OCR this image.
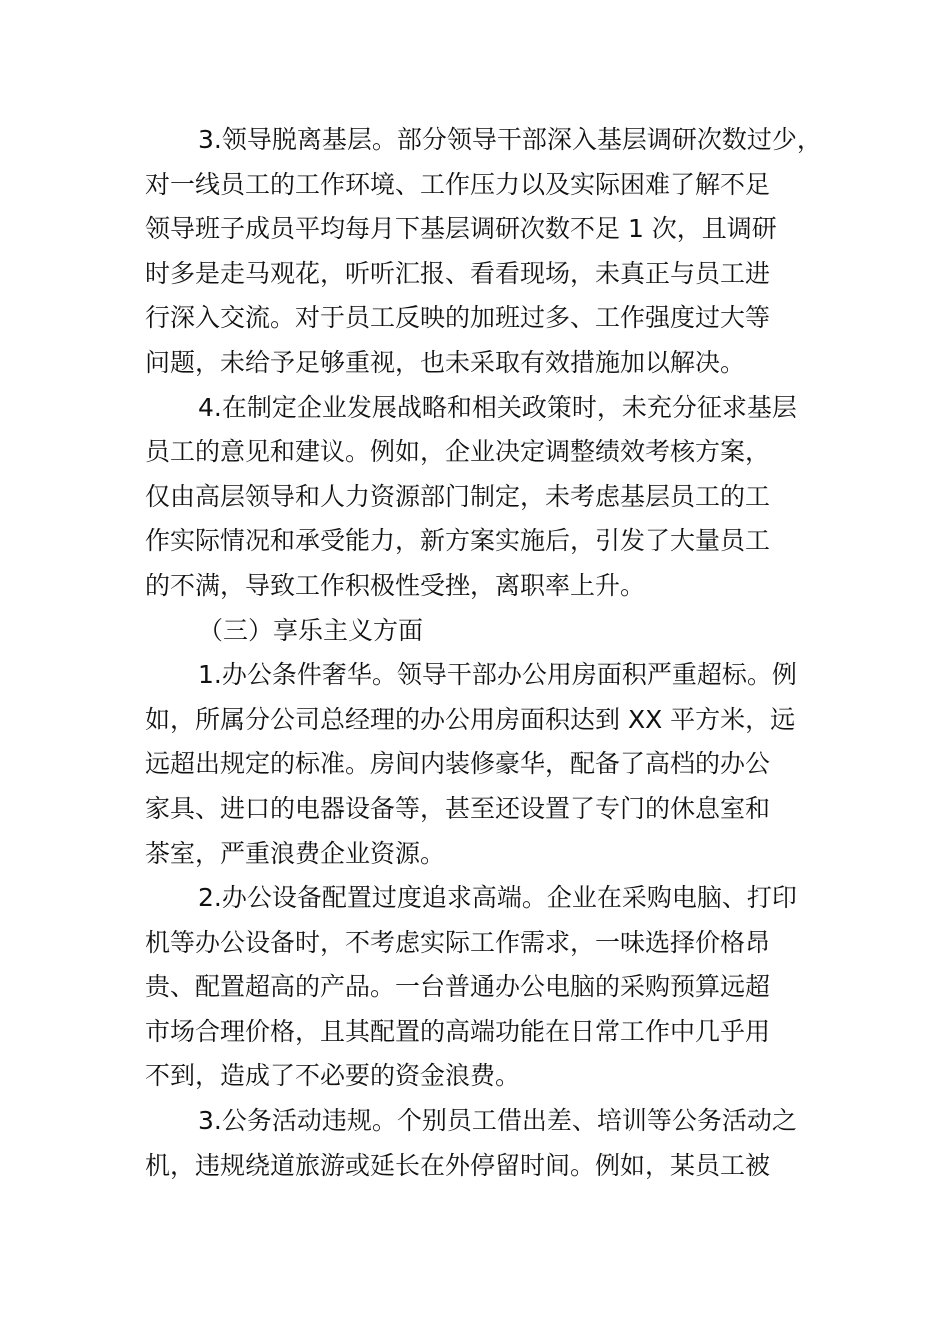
3.领导脱离基层。部分领导干部深入基层调研次数过少，
对一线员工的工作环境、工作压力以及实际困难了解不足
领导班子成员平均每月下基层调研次数不足 1 次，且调研
时多是走马观花，听听汇报、看看现场，未真正与员工进
行深入交流。对于员工反映的加班过多、工作强度过大等
问题，未给予足够重视，也未采取有效措施加以解决。
4.在制定企业发展战略和相关政策时，未充分征求基层
员工的意见和建议。例如，企业决定调整绩效考核方案，
仅由高层领导和人力资源部门制定，未考虑基层员工的工
作实际情况和承受能力，新方案实施后，引发了大量员工
的不满，导致工作积极性受挫，离职率上升。
（三）享乐主义方面
1.办公条件奢华。领导干部办公用房面积严重超标。例
如，所属分公司总经理的办公用房面积达到 XX 平方米，远
远超出规定的标准。房间内装修豪华，配备了高档的办公
家具、进口的电器设备等，甚至还设置了专门的休息室和
茶室，严重浪费企业资源。
2.办公设备配置过度追求高端。企业在采购电脑、打印
机等办公设备时，不考虑实际工作需求，一味选择价格昂
贵、配置超高的产品。一台普通办公电脑的采购预算远超
市场合理价格，且其配置的高端功能在日常工作中几乎用
不到，造成了不必要的资金浪费。
3.公务活动违规。个别员工借出差、培训等公务活动之
机，违规绕道旅游或延长在外停留时间。例如，某员工被
